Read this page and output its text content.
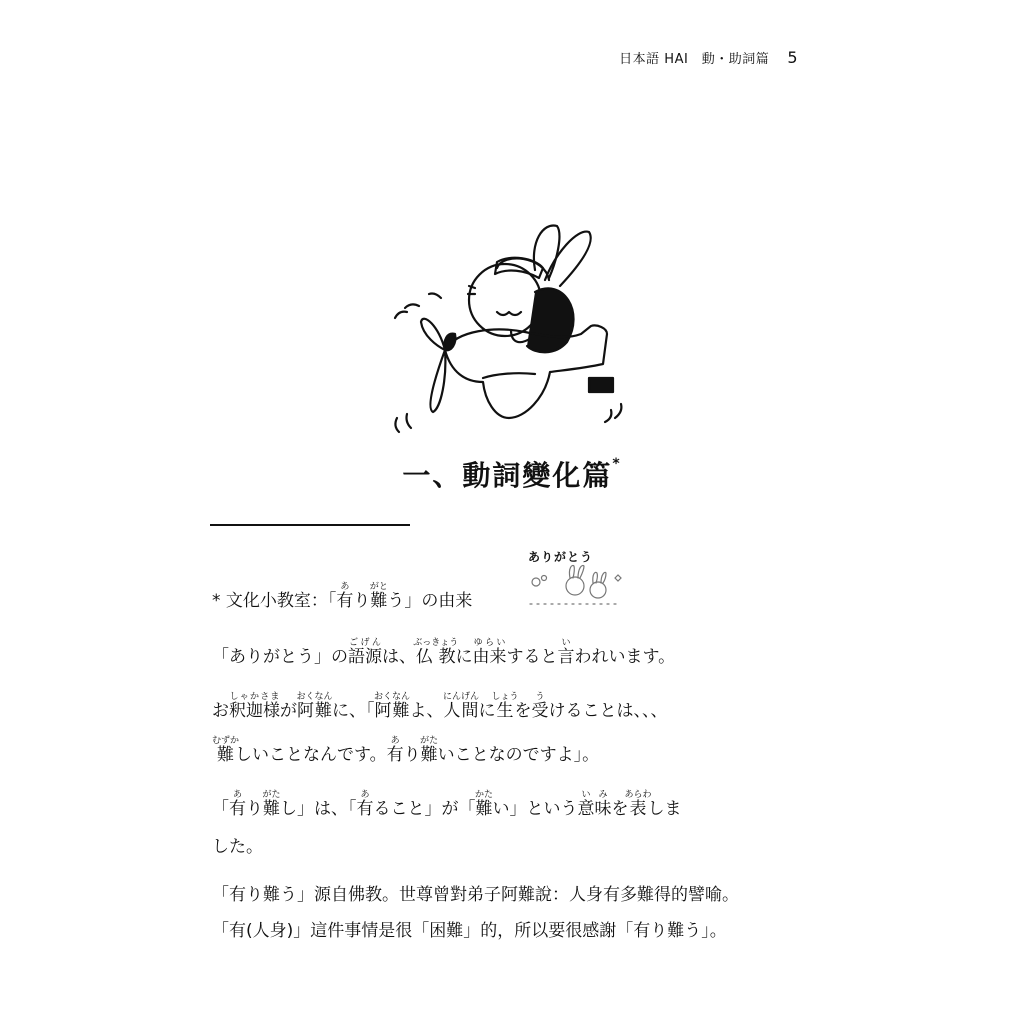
日本語 HAI　動・助詞篇 5
一、動詞變化篇*
ありがとう
* 文化小教室：「有あり難がとう」の由来
「ありがとう」の語源ごげんは、仏教ぶっきょうに由来ゆらいすると言いわれいます。
お釈迦様しゃかさまが阿難おくなんに、「阿難おくなんよ、人間にんげんに生しょうを受うけることは、、、
難むずかしいことなんです。有あり難がたいことなのですよ」。
「有あり難がたし」は、「有あること」が「難かたい」という意味いみを表あらわしま
した。
「有り難う」源自佛教。世尊曾對弟子阿難說：人身有多難得的譬喻。
「有(人身)」這件事情是很「困難」的，所以要很感謝「有り難う」。
